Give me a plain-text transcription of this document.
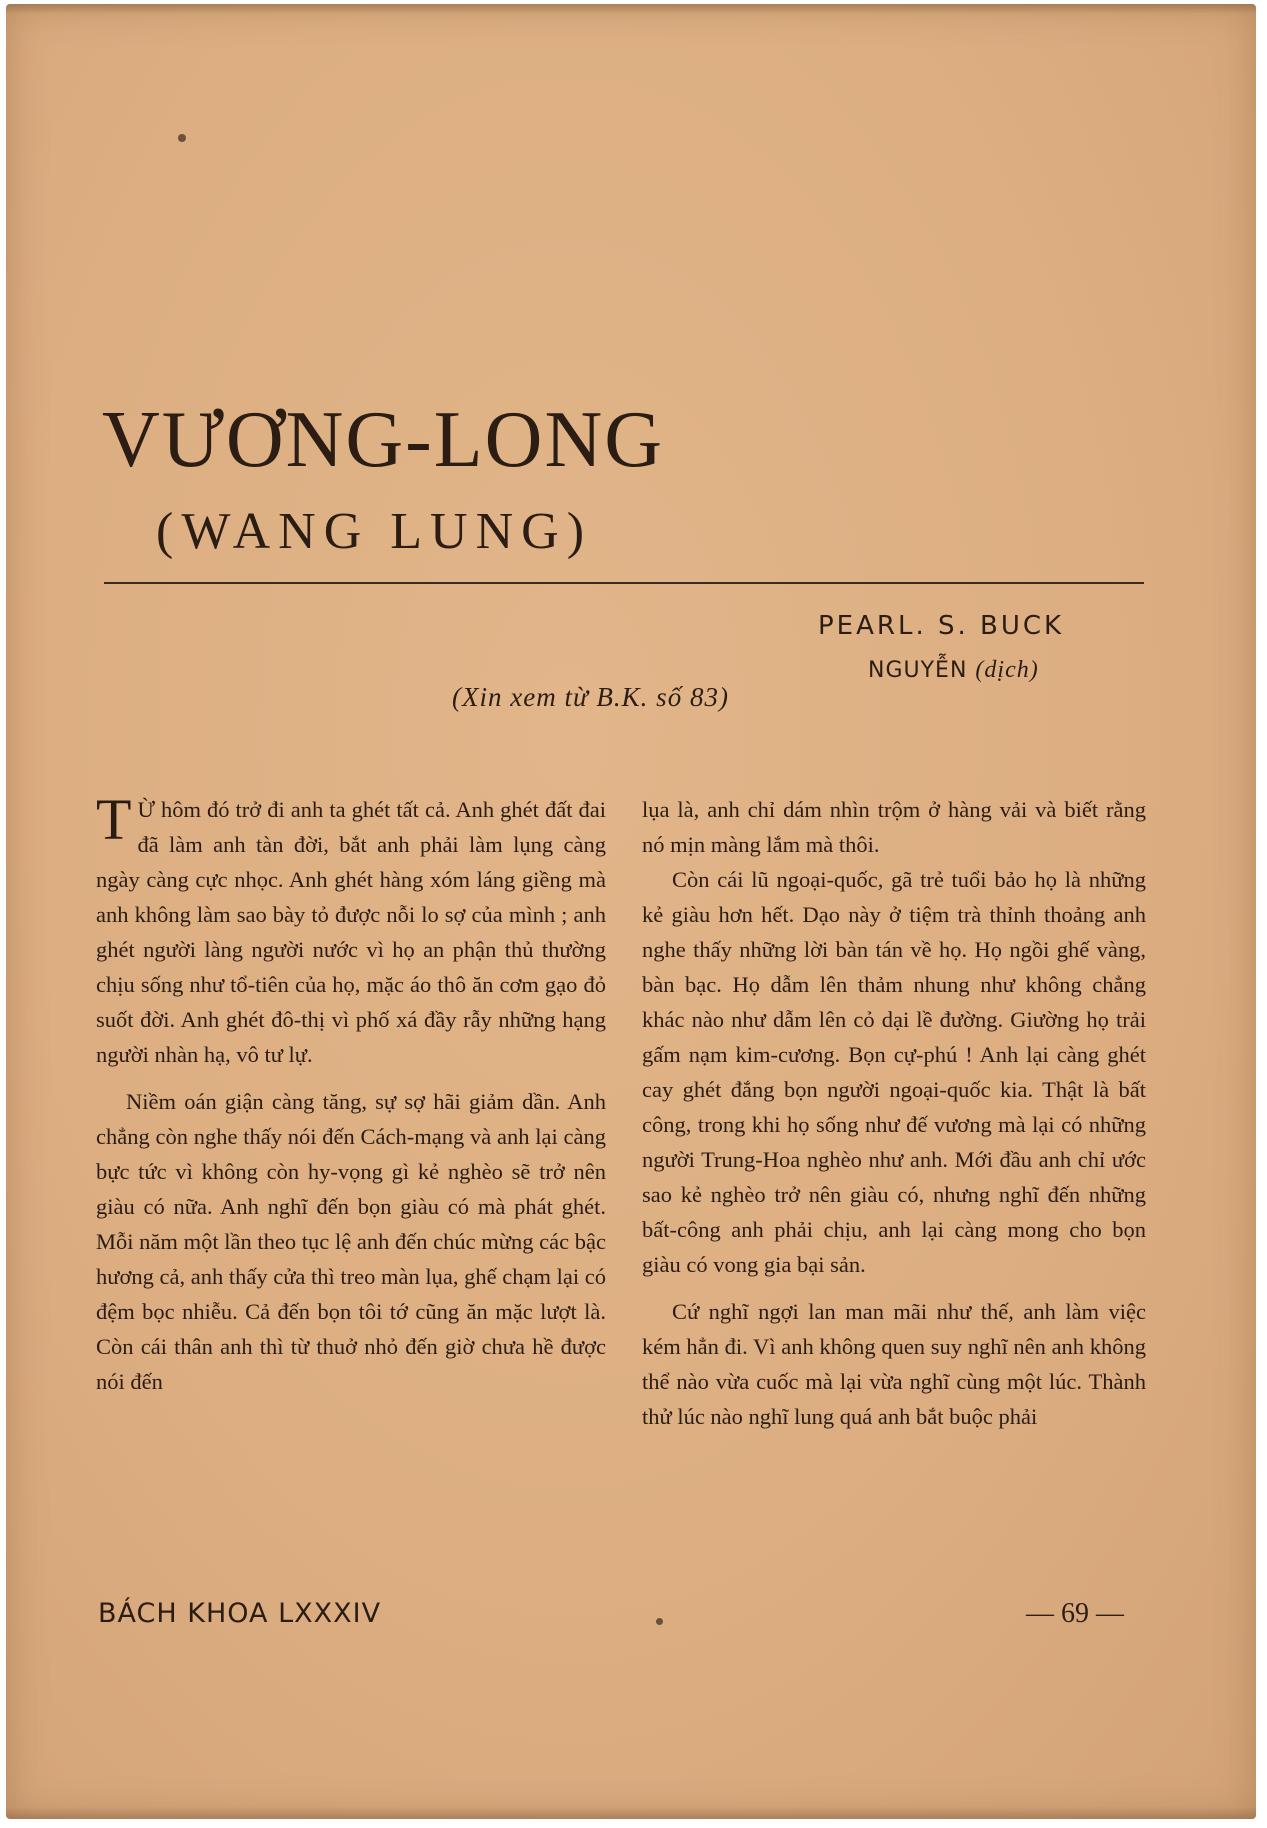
VƯƠNG-LONG
(WANG LUNG)
PEARL. S. BUCK
NGUYỄN (dịch)
(Xin xem từ B.K. số 83)

T Ừ hôm đó trở đi anh ta ghét tất cả. Anh ghét đất đai đã làm anh tàn đời, bắt anh phải làm lụng càng ngày càng cực nhọc. Anh ghét hàng xóm láng giềng mà anh không làm sao bày tỏ được nỗi lo sợ của mình ; anh ghét người làng người nước vì họ an phận thủ thường chịu sống như tổ-tiên của họ, mặc áo thô ăn cơm gạo đỏ suốt đời. Anh ghét đô-thị vì phố xá đầy rẫy những hạng người nhàn hạ, vô tư lự.

Niềm oán giận càng tăng, sự sợ hãi giảm dần. Anh chẳng còn nghe thấy nói đến Cách-mạng và anh lại càng bực tức vì không còn hy-vọng gì kẻ nghèo sẽ trở nên giàu có nữa. Anh nghĩ đến bọn giàu có mà phát ghét. Mỗi năm một lần theo tục lệ anh đến chúc mừng các bậc hương cả, anh thấy cửa thì treo màn lụa, ghế chạm lại có đệm bọc nhiễu. Cả đến bọn tôi tớ cũng ăn mặc lượt là. Còn cái thân anh thì từ thuở nhỏ đến giờ chưa hề được nói đến

lụa là, anh chỉ dám nhìn trộm ở hàng vải và biết rằng nó mịn màng lắm mà thôi.

Còn cái lũ ngoại-quốc, gã trẻ tuổi bảo họ là những kẻ giàu hơn hết. Dạo này ở tiệm trà thỉnh thoảng anh nghe thấy những lời bàn tán về họ. Họ ngồi ghế vàng, bàn bạc. Họ dẫm lên thảm nhung như không chẳng khác nào như dẫm lên cỏ dại lề đường. Giường họ trải gấm nạm kim-cương. Bọn cự-phú ! Anh lại càng ghét cay ghét đắng bọn người ngoại-quốc kia. Thật là bất công, trong khi họ sống như đế vương mà lại có những người Trung-Hoa nghèo như anh. Mới đầu anh chỉ ước sao kẻ nghèo trở nên giàu có, nhưng nghĩ đến những bất-công anh phải chịu, anh lại càng mong cho bọn giàu có vong gia bại sản.

Cứ nghĩ ngợi lan man mãi như thế, anh làm việc kém hẳn đi. Vì anh không quen suy nghĩ nên anh không thể nào vừa cuốc mà lại vừa nghĩ cùng một lúc. Thành thử lúc nào nghĩ lung quá anh bắt buộc phải

BÁCH KHOA LXXXIV	— 69 —
